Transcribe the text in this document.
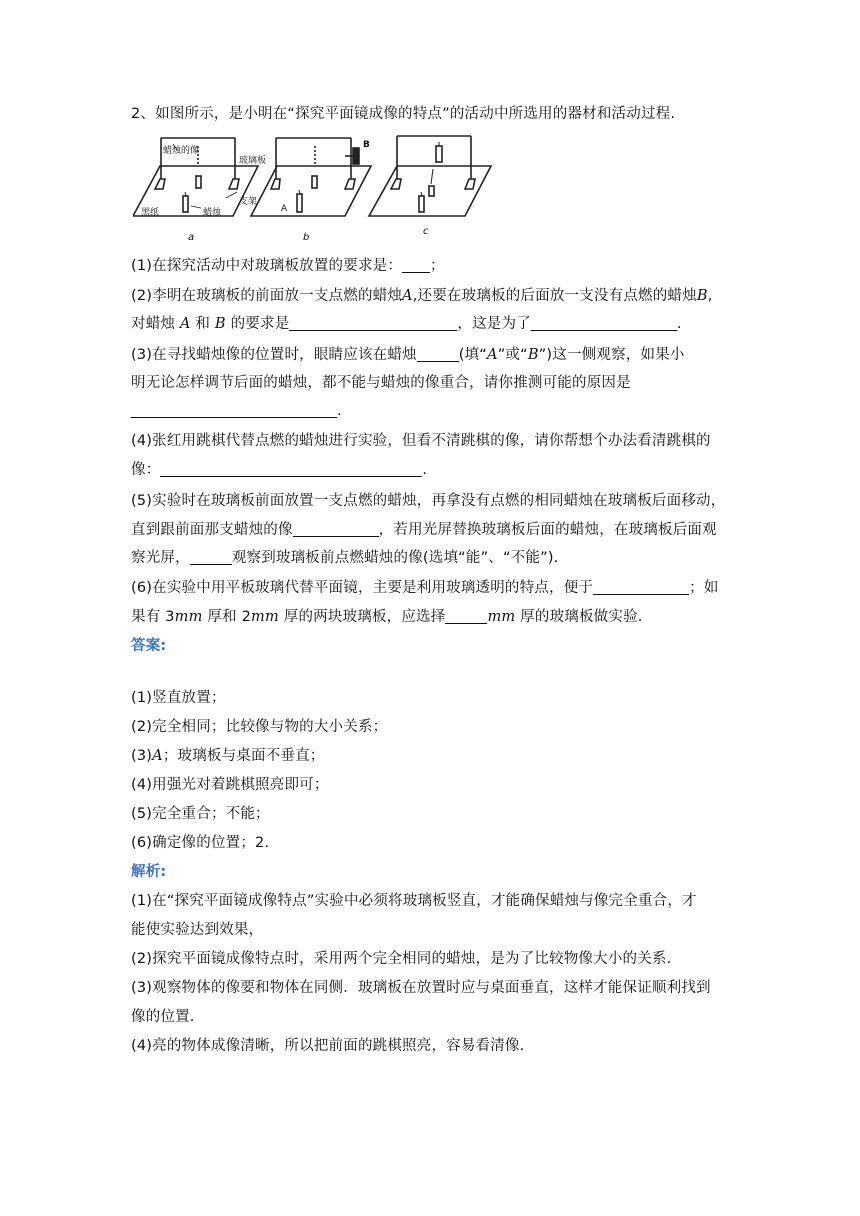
2、如图所示，是小明在“探究平面镜成像的特点”的活动中所选用的器材和活动过程.
蜡烛的像
玻璃板
B
支架
黑纸	蜡烛	A
a	b
c
(1)在探究活动中对玻璃板放置的要求是： ；
(2)李明在玻璃板的前面放一支点燃的蜡烛A,还要在玻璃板的后面放一支没有点燃的蜡烛B,
对蜡烛 A 和 B 的要求是	，这是为了	.
(3)在寻找蜡烛像的位置时，眼睛应该在蜡烛	(填“A”或“B”)这一侧观察，如果小
明无论怎样调节后面的蜡烛，都不能与蜡烛的像重合，请你推测可能的原因是
.
(4)张红用跳棋代替点燃的蜡烛进行实验，但看不清跳棋的像，请你帮想个办法看清跳棋的
像：	.
(5)实验时在玻璃板前面放置一支点燃的蜡烛，再拿没有点燃的相同蜡烛在玻璃板后面移动，
直到跟前面那支蜡烛的像	，若用光屏替换玻璃板后面的蜡烛，在玻璃板后面观
察光屏，	观察到玻璃板前点燃蜡烛的像(选填“能”、“不能”).
(6)在实验中用平板玻璃代替平面镜，主要是利用玻璃透明的特点，便于	；如
果有 3mm 厚和 2mm 厚的两块玻璃板，应选择	mm 厚的玻璃板做实验.
答案:
(1)竖直放置；
(2)完全相同；比较像与物的大小关系；
(3)A；玻璃板与桌面不垂直；
(4)用强光对着跳棋照亮即可；
(5)完全重合；不能；
(6)确定像的位置；2.
解析:
(1)在“探究平面镜成像特点”实验中必须将玻璃板竖直，才能确保蜡烛与像完全重合，才
能使实验达到效果，
(2)探究平面镜成像特点时，采用两个完全相同的蜡烛，是为了比较物像大小的关系.
(3)观察物体的像要和物体在同侧．玻璃板在放置时应与桌面垂直，这样才能保证顺利找到
像的位置.
(4)亮的物体成像清晰，所以把前面的跳棋照亮，容易看清像.
